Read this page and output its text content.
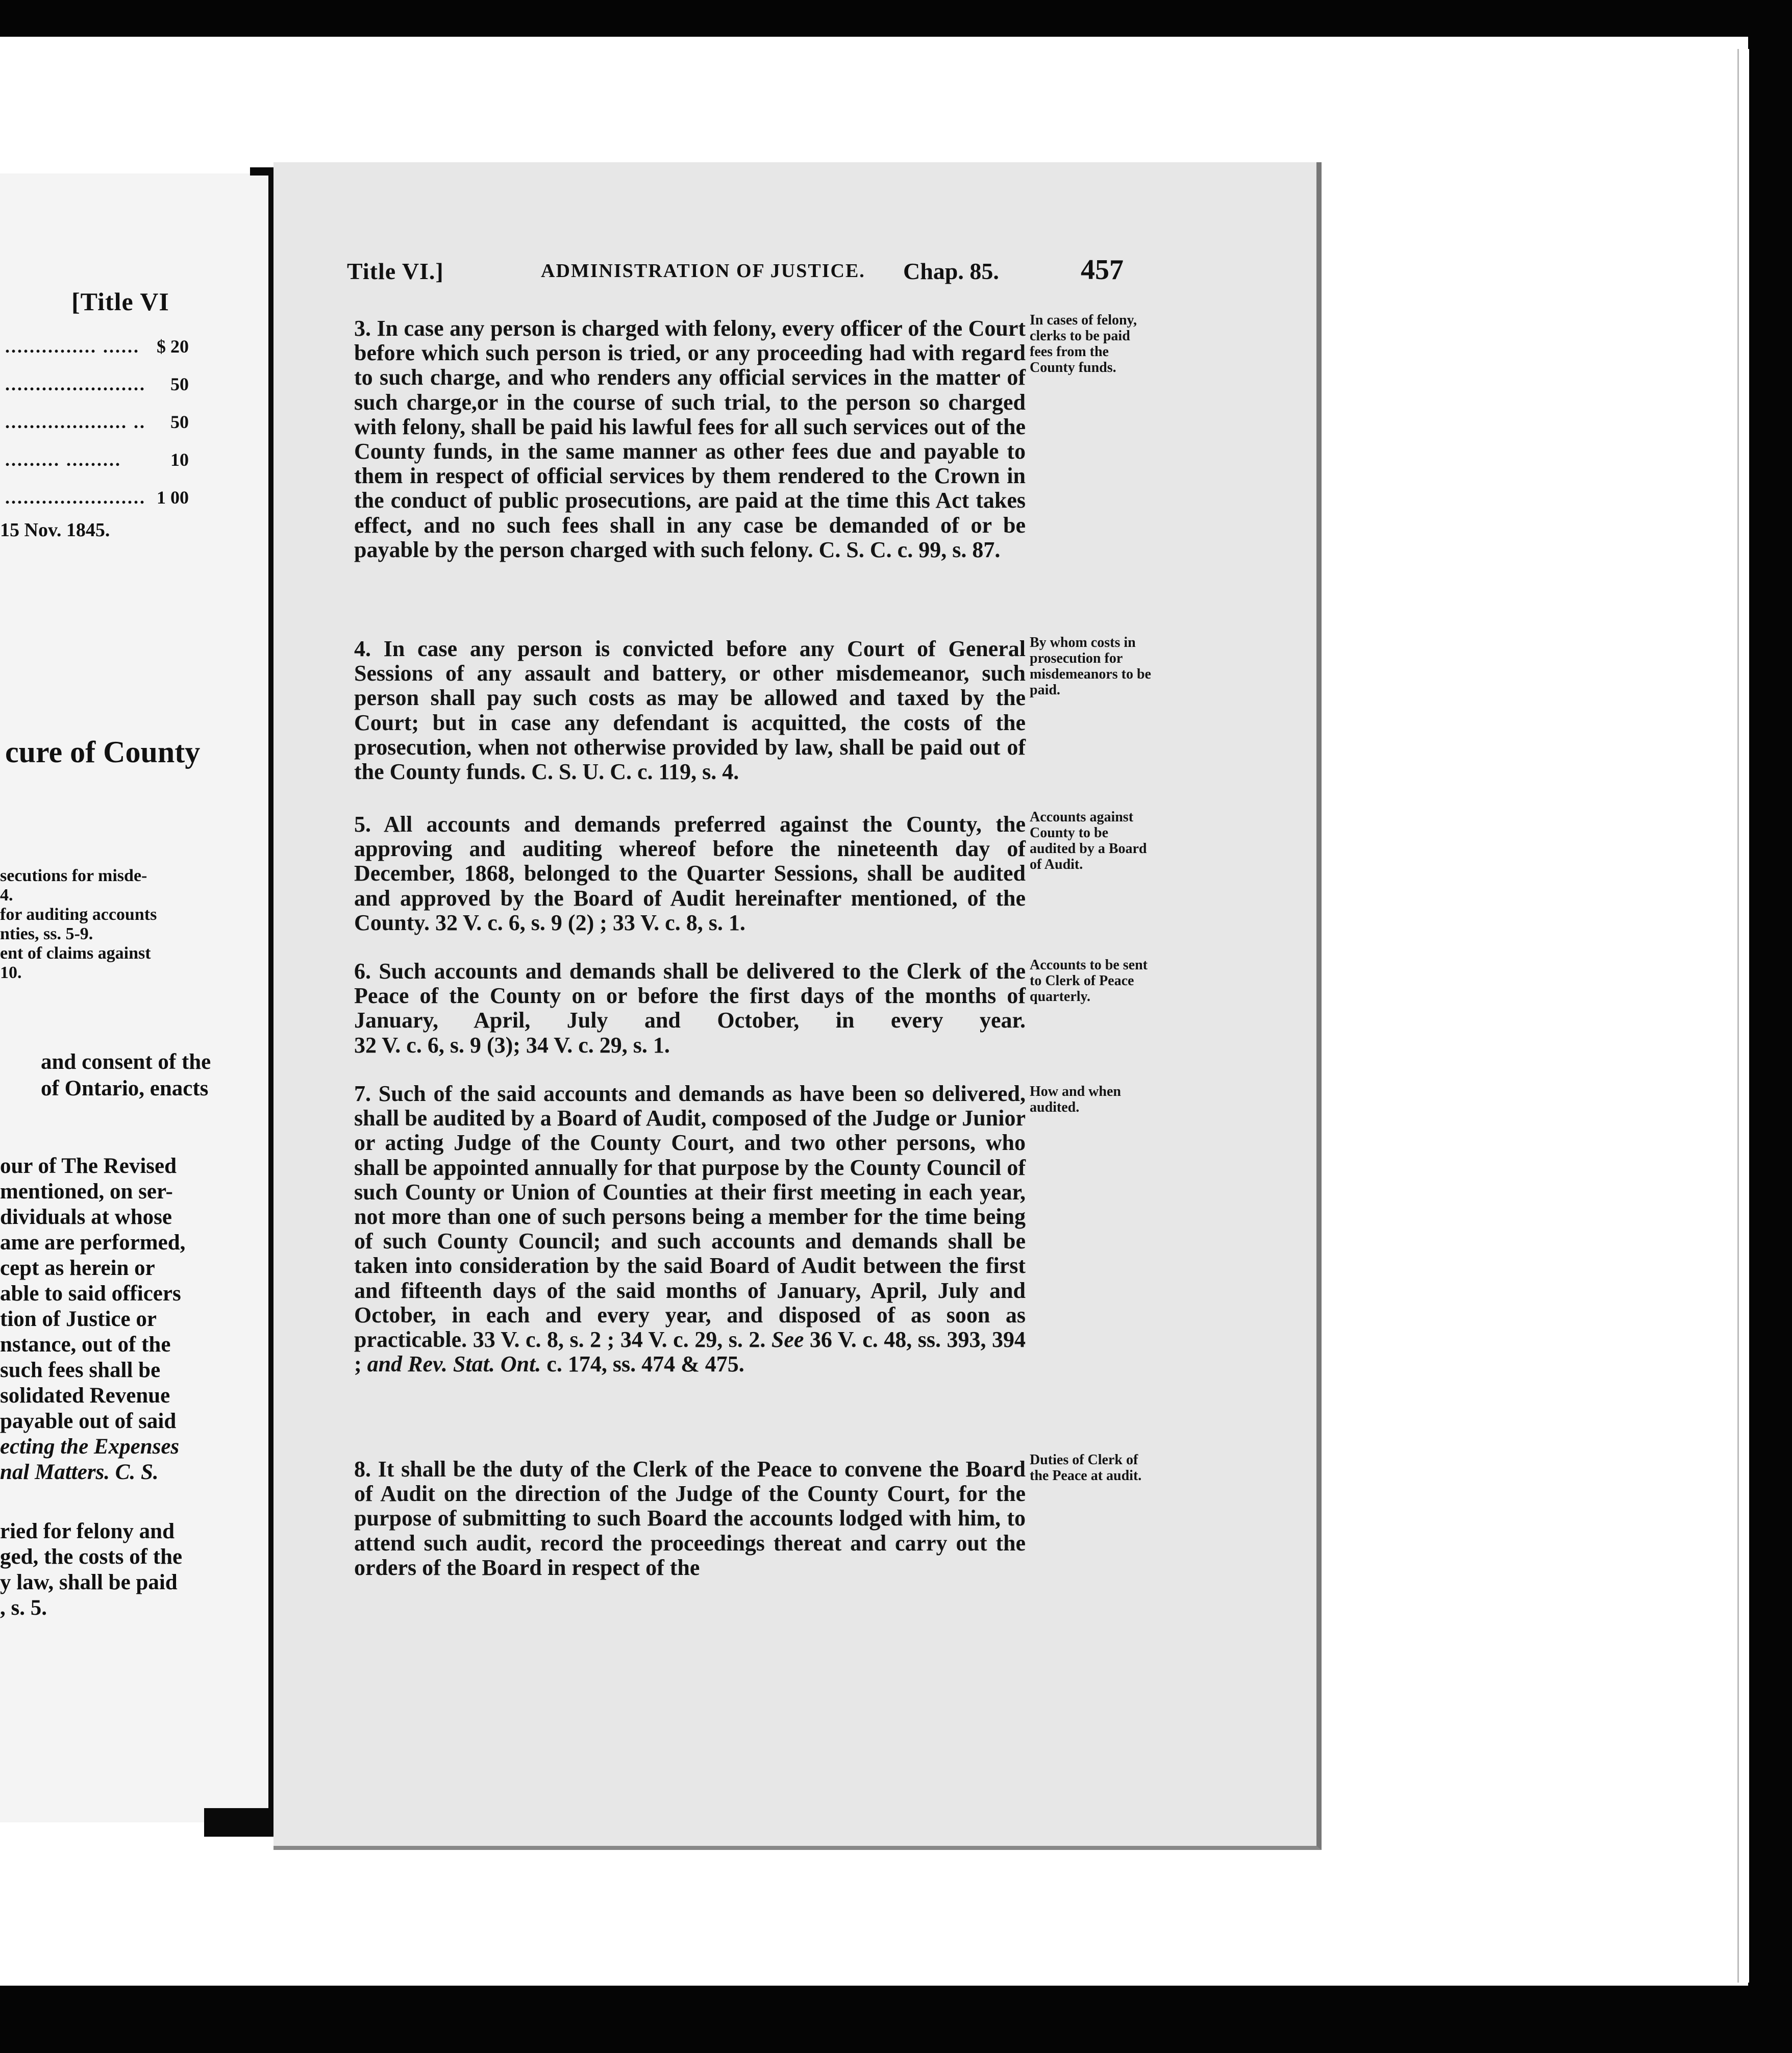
[Title VI
............... ...... $ 20
....................... 50
.................... .. 50
......... .........	10
....................... 1 00
15 Nov. 1845.
cure of County
secutions for misde-
4.
for auditing accounts
nties, ss. 5-9.
ent of claims against
10.
and consent of the
of Ontario, enacts
our of The Revised
mentioned, on ser-
dividuals at whose
ame are performed,
cept as herein or
able to said officers
tion of Justice or
nstance, out of the
such fees shall be
solidated Revenue
payable out of said
ecting the Expenses
nal Matters. C. S.
ried for felony and
ged, the costs of the
y law, shall be paid
, s. 5.
Title VI.]	ADMINISTRATION OF JUSTICE. Chap. 85.	457
3. In case any person is charged with felony, every officer of the Court before which such person is tried, or any proceeding had with regard to such charge, and who renders any official services in the matter of such charge,or in the course of such trial, to the person so charged with felony, shall be paid his lawful fees for all such services out of the County funds, in the same manner as other fees due and payable to them in respect of official services by them rendered to the Crown in the conduct of public prosecutions, are paid at the time this Act takes effect, and no such fees shall in any case be demanded of or be payable by the person charged with such felony. C. S. C. c. 99, s. 87.
In cases of felony, clerks to be paid fees from the County funds.
4. In case any person is convicted before any Court of General Sessions of any assault and battery, or other misdemeanor, such person shall pay such costs as may be allowed and taxed by the Court; but in case any defendant is acquitted, the costs of the prosecution, when not otherwise provided by law, shall be paid out of the County funds. C. S. U. C. c. 119, s. 4.
By whom costs in prosecution for misdemeanors to be paid.
5. All accounts and demands preferred against the County, the approving and auditing whereof before the nineteenth day of December, 1868, belonged to the Quarter Sessions, shall be audited and approved by the Board of Audit hereinafter mentioned, of the County. 32 V. c. 6, s. 9 (2) ; 33 V. c. 8, s. 1.
Accounts against County to be audited by a Board of Audit.
6. Such accounts and demands shall be delivered to the Clerk of the Peace of the County on or before the first days of the months of January, April, July and October, in every year. 32 V. c. 6, s. 9 (3); 34 V. c. 29, s. 1.
Accounts to be sent to Clerk of Peace quarterly.
7. Such of the said accounts and demands as have been so delivered, shall be audited by a Board of Audit, composed of the Judge or Junior or acting Judge of the County Court, and two other persons, who shall be appointed annually for that purpose by the County Council of such County or Union of Counties at their first meeting in each year, not more than one of such persons being a member for the time being of such County Council; and such accounts and demands shall be taken into consideration by the said Board of Audit between the first and fifteenth days of the said months of January, April, July and October, in each and every year, and disposed of as soon as practicable. 33 V. c. 8, s. 2 ; 34 V. c. 29, s. 2. See 36 V. c. 48, ss. 393, 394 ; and Rev. Stat. Ont. c. 174, ss. 474 & 475.
How and when audited.
8. It shall be the duty of the Clerk of the Peace to convene the Board of Audit on the direction of the Judge of the County Court, for the purpose of submitting to such Board the accounts lodged with him, to attend such audit, record the proceedings thereat and carry out the orders of the Board in respect of the
Duties of Clerk of the Peace at audit.
